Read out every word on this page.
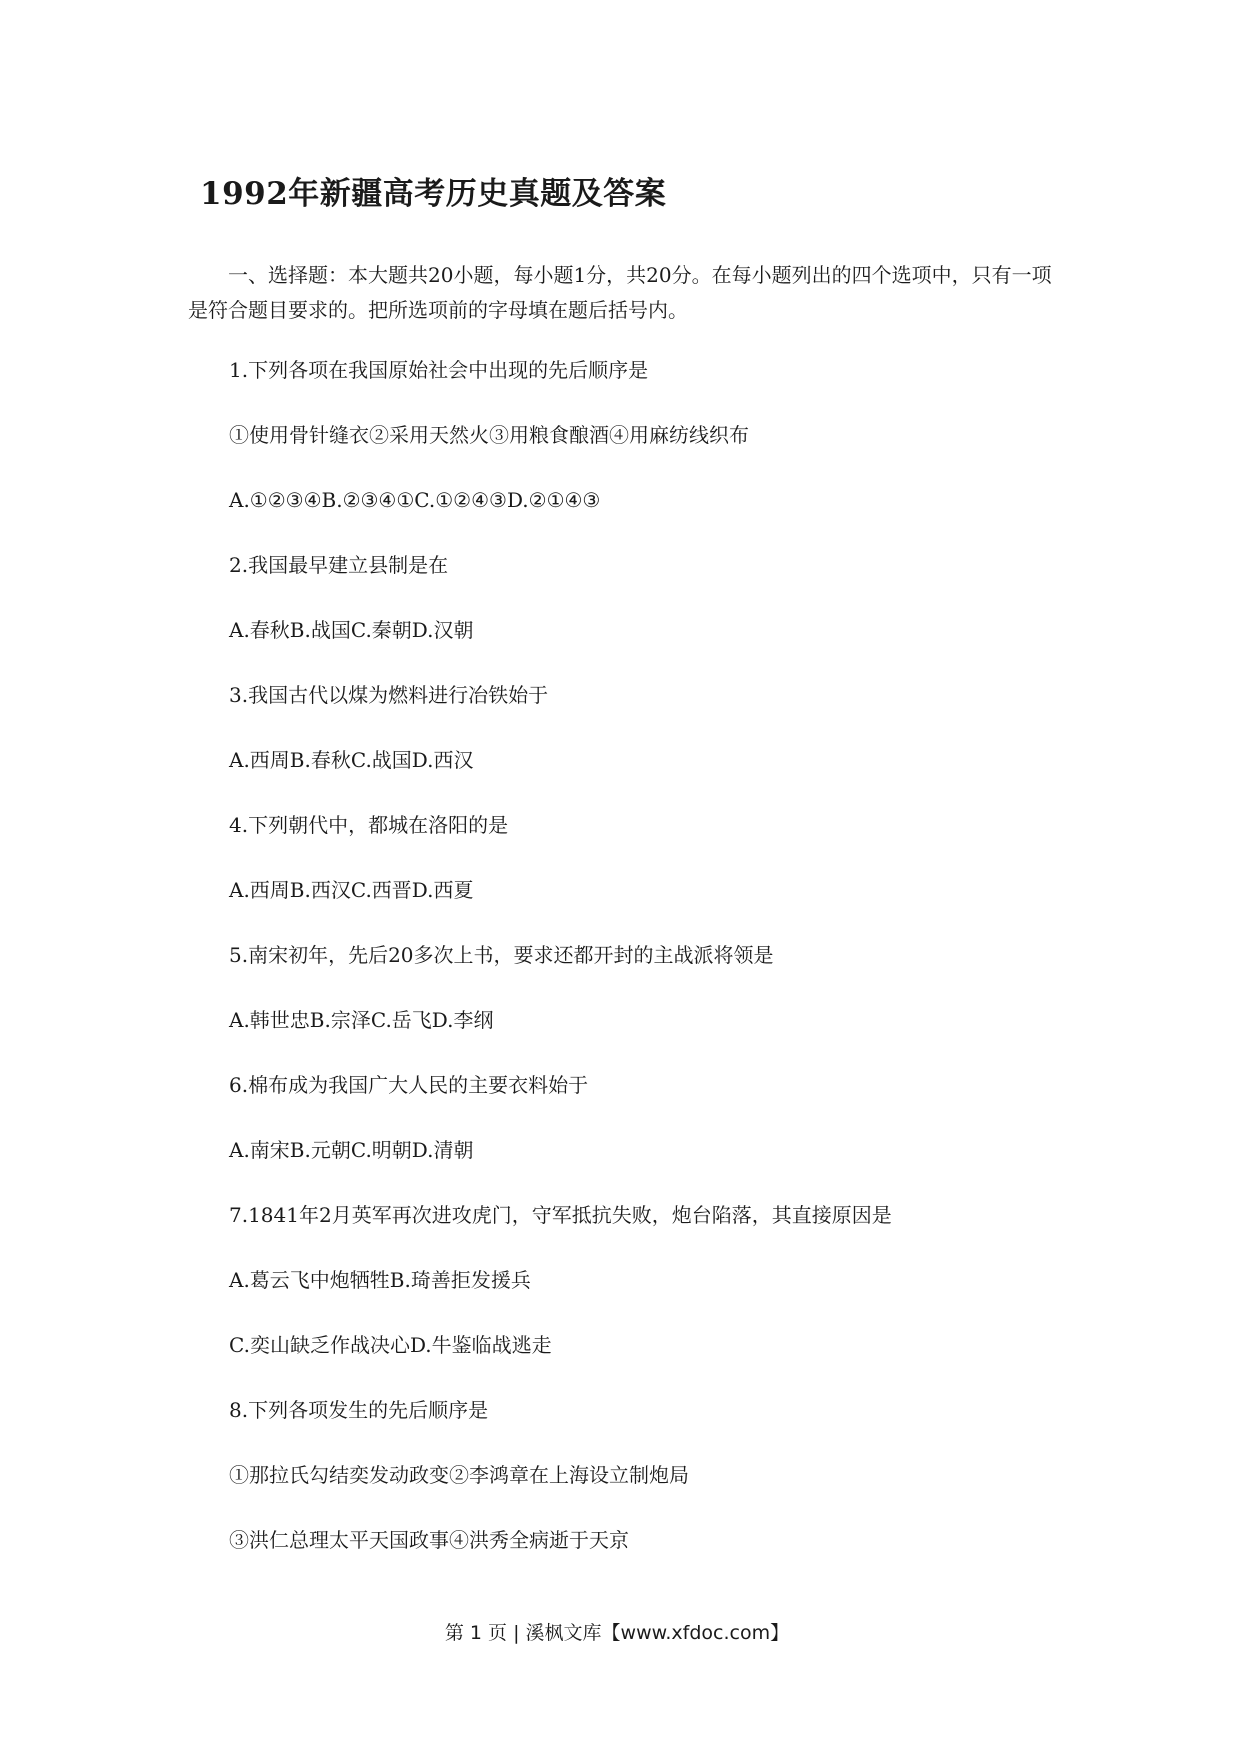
1992年新疆高考历史真题及答案

一、选择题：本大题共20小题，每小题1分，共20分。在每小题列出的四个选项中，只有一项是符合题目要求的。把所选项前的字母填在题后括号内。

1.下列各项在我国原始社会中出现的先后顺序是

①使用骨针缝衣②采用天然火③用粮食酿酒④用麻纺线织布

A.①②③④B.②③④①C.①②④③D.②①④③

2.我国最早建立县制是在

A.春秋B.战国C.秦朝D.汉朝

3.我国古代以煤为燃料进行冶铁始于

A.西周B.春秋C.战国D.西汉

4.下列朝代中，都城在洛阳的是

A.西周B.西汉C.西晋D.西夏

5.南宋初年，先后20多次上书，要求还都开封的主战派将领是

A.韩世忠B.宗泽C.岳飞D.李纲

6.棉布成为我国广大人民的主要衣料始于

A.南宋B.元朝C.明朝D.清朝

7.1841年2月英军再次进攻虎门，守军抵抗失败，炮台陷落，其直接原因是

A.葛云飞中炮牺牲B.琦善拒发援兵

C.奕山缺乏作战决心D.牛鉴临战逃走

8.下列各项发生的先后顺序是

①那拉氏勾结奕发动政变②李鸿章在上海设立制炮局

③洪仁总理太平天国政事④洪秀全病逝于天京

第 1 页 | 溪枫文库【www.xfdoc.com】
